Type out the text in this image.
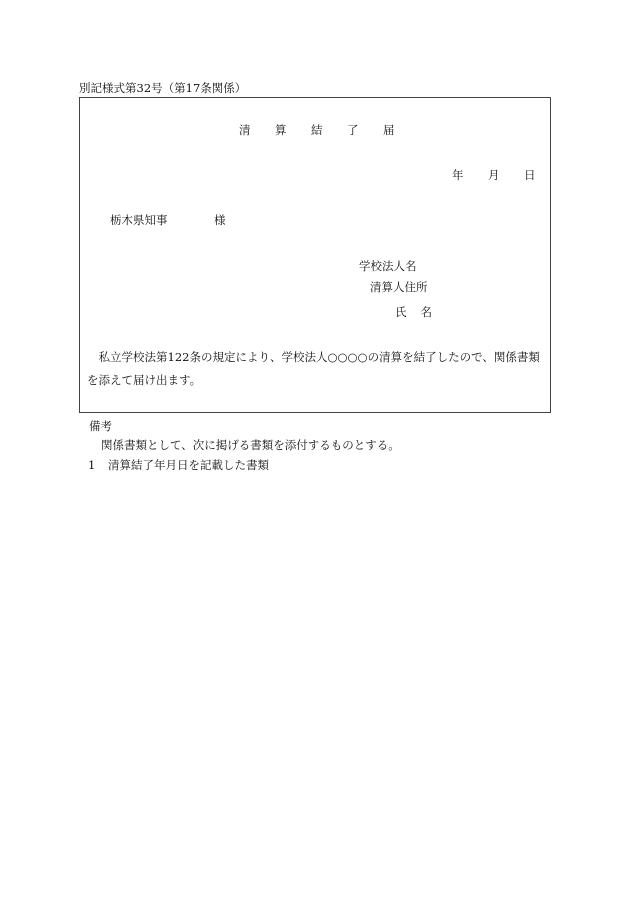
別記様式第32号（第17条関係）
清 算 結 了 届
年 月 日
栃木県知事	様
学校法人名
清算人住所
氏名
　私立学校法第122条の規定により、学校法人○○○○の清算を結了したので、関係書類を添えて届け出ます。
備考
関係書類として、次に掲げる書類を添付するものとする。
1 清算結了年月日を記載した書類
